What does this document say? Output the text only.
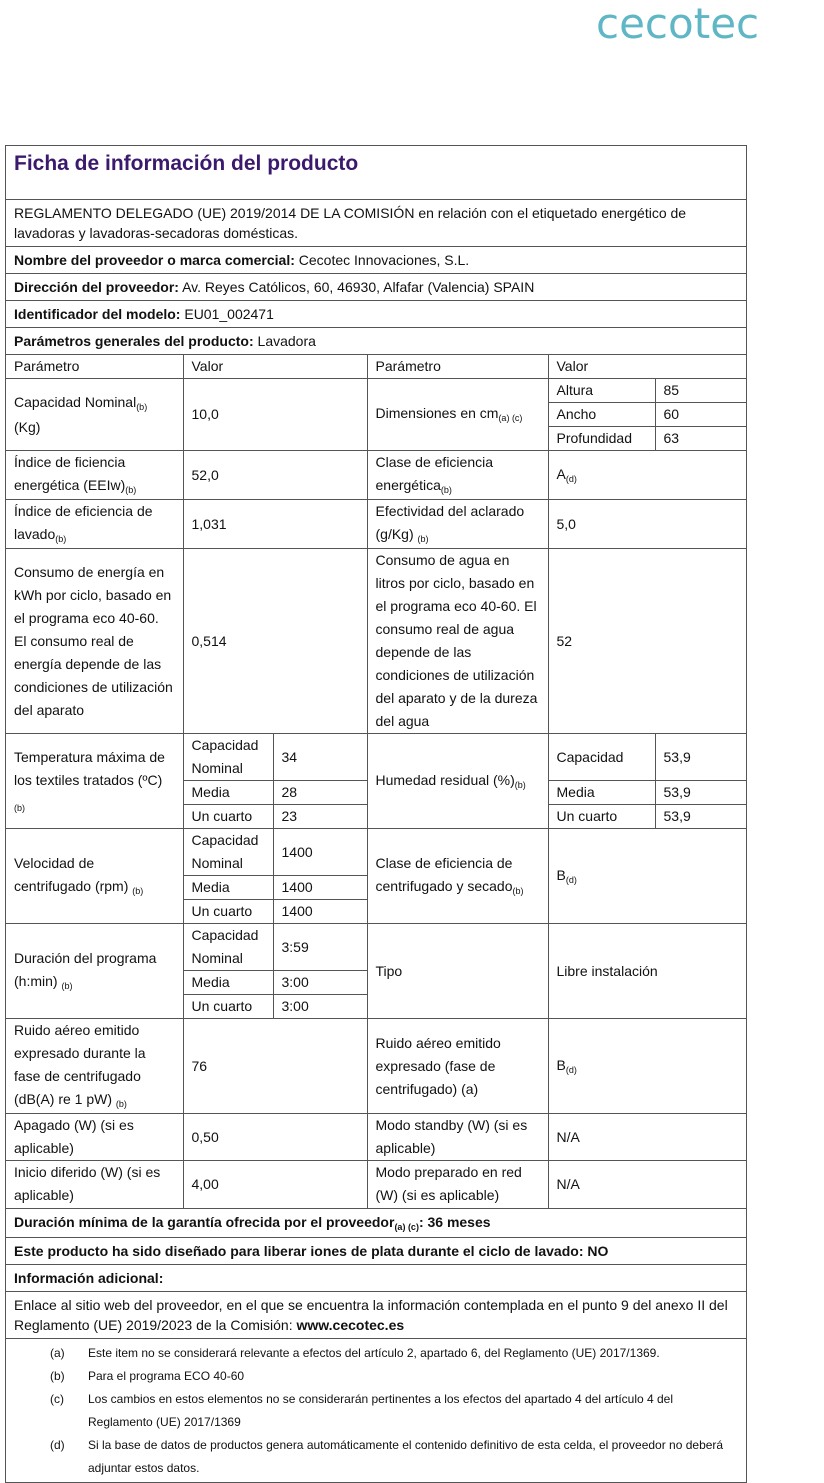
cecotec
Ficha de información del producto
REGLAMENTO DELEGADO (UE) 2019/2014 DE LA COMISIÓN en relación con el etiquetado energético de lavadoras y lavadoras-secadoras domésticas.
Nombre del proveedor o marca comercial: Cecotec Innovaciones, S.L.
Dirección del proveedor: Av. Reyes Católicos, 60, 46930, Alfafar (Valencia) SPAIN
Identificador del modelo: EU01_002471
Parámetros generales del producto: Lavadora
Parámetro	Valor		Parámetro	Valor	
Capacidad Nominal$_{(b)}$
(Kg)	10,0		Dimensiones en $cm_{(a) (c)}$	Altura	85
				Ancho	60
				Profundidad	63
Índice de ficiencia energética $(EEIw)_{(b)}$	52,0		Clase de eficiencia energética$_{(b)}$	$A_{(d)}$
Índice de eficiencia de lavado$_{(b)}$	1,031		Efectividad del aclarado (g/Kg) $_{(b)}$	5,0	
Consumo de energía en kWh por ciclo, basado en el programa eco 40-60. El consumo real de energía depende de las condiciones de utilización del aparato	0,514		Consumo de agua en litros por ciclo, basado en el programa eco 40-60. El consumo real de agua depende de las condiciones de utilización del aparato y de la dureza del agua	52	
Temperatura máxima de los textiles tratados (ºC) $_{(b)}$	Capacidad Nominal	34	Humedad residual $(\%)_{(b)}$	Capacidad	53,9
	Media	28		Media	53,9
	Un cuarto	23		Un cuarto	53,9
Velocidad de centrifugado (rpm) $_{(b)}$	Capacidad Nominal	1400	Clase de eficiencia de centrifugado y secado$_{(b)}$	$B_{(d)}$
	Media	1400			
	Un cuarto	1400			
Duración del programa (h:min) $_{(b)}$	Capacidad Nominal	3:59	Tipo	Libre instalación	
	Media	3:00			
	Un cuarto	3:00			
Ruido aéreo emitido expresado durante la fase de centrifugado (dB(A) re 1 pW) $_{(b)}$	76		Ruido aéreo emitido expresado (fase de centrifugado) (a)	$B_{(d)}$
Apagado (W) (si es aplicable)	0,50		Modo standby (W) (si es aplicable)	N/A	
Inicio diferido (W) (si es aplicable)	4,00		Modo preparado en red (W) (si es aplicable)	N/A	
Duración mínima de la garantía ofrecida por el proveedor$_{(a) (c)}$: 36 meses
Este producto ha sido diseñado para liberar iones de plata durante el ciclo de lavado: NO
Información adicional:
Enlace al sitio web del proveedor, en el que se encuentra la información contemplada en el punto 9 del anexo II del Reglamento (UE) 2019/2023 de la Comisión: www.cecotec.es
(a)	Este item no se considerará relevante a efectos del artículo 2, apartado 6, del Reglamento (UE) 2017/1369.
(b)	Para el programa ECO 40-60
(c)	Los cambios en estos elementos no se considerarán pertinentes a los efectos del apartado 4 del artículo 4 del Reglamento (UE) 2017/1369
(d)	Si la base de datos de productos genera automáticamente el contenido definitivo de esta celda, el proveedor no deberá adjuntar estos datos.
